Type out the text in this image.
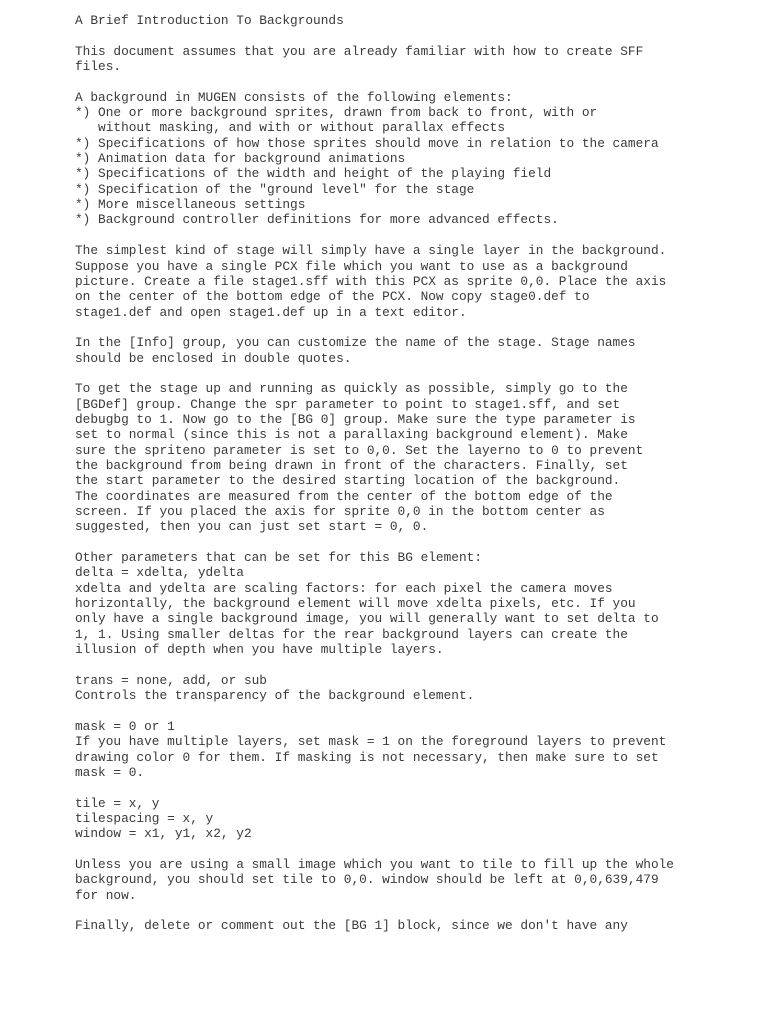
A Brief Introduction To Backgrounds
This document assumes that you are already familiar with how to create SFF
files.
A background in MUGEN consists of the following elements:
*) One or more background sprites, drawn from back to front, with or
without masking, and with or without parallax effects
*) Specifications of how those sprites should move in relation to the camera
*) Animation data for background animations
*) Specifications of the width and height of the playing field
*) Specification of the "ground level" for the stage
*) More miscellaneous settings
*) Background controller definitions for more advanced effects.
The simplest kind of stage will simply have a single layer in the background.
Suppose you have a single PCX file which you want to use as a background
picture. Create a file stage1.sff with this PCX as sprite 0,0. Place the axis
on the center of the bottom edge of the PCX. Now copy stage0.def to
stage1.def and open stage1.def up in a text editor.
In the [Info] group, you can customize the name of the stage. Stage names
should be enclosed in double quotes.
To get the stage up and running as quickly as possible, simply go to the
[BGDef] group. Change the spr parameter to point to stage1.sff, and set
debugbg to 1. Now go to the [BG 0] group. Make sure the type parameter is
set to normal (since this is not a parallaxing background element). Make
sure the spriteno parameter is set to 0,0. Set the layerno to 0 to prevent
the background from being drawn in front of the characters. Finally, set
the start parameter to the desired starting location of the background.
The coordinates are measured from the center of the bottom edge of the
screen. If you placed the axis for sprite 0,0 in the bottom center as
suggested, then you can just set start = 0, 0.
Other parameters that can be set for this BG element:
delta = xdelta, ydelta
xdelta and ydelta are scaling factors: for each pixel the camera moves
horizontally, the background element will move xdelta pixels, etc. If you
only have a single background image, you will generally want to set delta to
1, 1. Using smaller deltas for the rear background layers can create the
illusion of depth when you have multiple layers.
trans = none, add, or sub
Controls the transparency of the background element.
mask = 0 or 1
If you have multiple layers, set mask = 1 on the foreground layers to prevent
drawing color 0 for them. If masking is not necessary, then make sure to set
mask = 0.
tile = x, y
tilespacing = x, y
window = x1, y1, x2, y2
Unless you are using a small image which you want to tile to fill up the whole
background, you should set tile to 0,0. window should be left at 0,0,639,479
for now.
Finally, delete or comment out the [BG 1] block, since we don't have any
